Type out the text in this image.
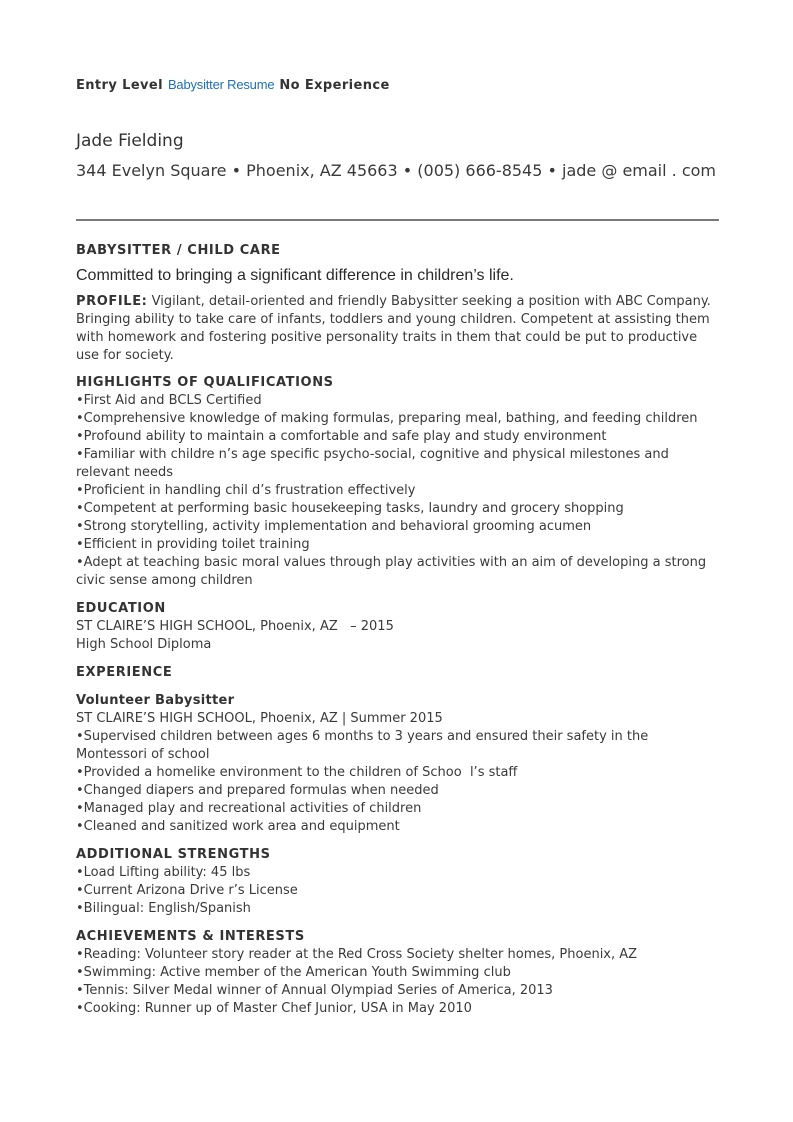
Entry Level Babysitter Resume No Experience
Jade Fielding
344 Evelyn Square • Phoenix, AZ 45663 • (005) 666-8545 • jade @ email . com
BABYSITTER / CHILD CARE
Committed to bringing a significant difference in children’s life.
PROFILE: Vigilant, detail-oriented and friendly Babysitter seeking a position with ABC Company. Bringing ability to take care of infants, toddlers and young children. Competent at assisting them with homework and fostering positive personality traits in them that could be put to productive use for society.
HIGHLIGHTS OF QUALIFICATIONS
• First Aid and BCLS Certified
• Comprehensive knowledge of making formulas, preparing meal, bathing, and feeding children
• Profound ability to maintain a comfortable and safe play and study environment
• Familiar with childre n’s age specific psycho-social, cognitive and physical milestones and relevant needs
• Proficient in handling chil d’s frustration effectively
• Competent at performing basic housekeeping tasks, laundry and grocery shopping
• Strong storytelling, activity implementation and behavioral grooming acumen
• Efficient in providing toilet training
• Adept at teaching basic moral values through play activities with an aim of developing a strong civic sense among children
EDUCATION
ST CLAIRE’S HIGH SCHOOL, Phoenix, AZ   – 2015
High School Diploma
EXPERIENCE
Volunteer Babysitter
ST CLAIRE’S HIGH SCHOOL, Phoenix, AZ | Summer 2015
• Supervised children between ages 6 months to 3 years and ensured their safety in the Montessori of school
• Provided a homelike environment to the children of Schoo  l’s staff
• Changed diapers and prepared formulas when needed
• Managed play and recreational activities of children
• Cleaned and sanitized work area and equipment
ADDITIONAL STRENGTHS
• Load Lifting ability: 45 lbs
• Current Arizona Drive r’s License
• Bilingual: English/Spanish
ACHIEVEMENTS & INTERESTS
• Reading: Volunteer story reader at the Red Cross Society shelter homes, Phoenix, AZ
• Swimming: Active member of the American Youth Swimming club
• Tennis: Silver Medal winner of Annual Olympiad Series of America, 2013
• Cooking: Runner up of Master Chef Junior, USA in May 2010
